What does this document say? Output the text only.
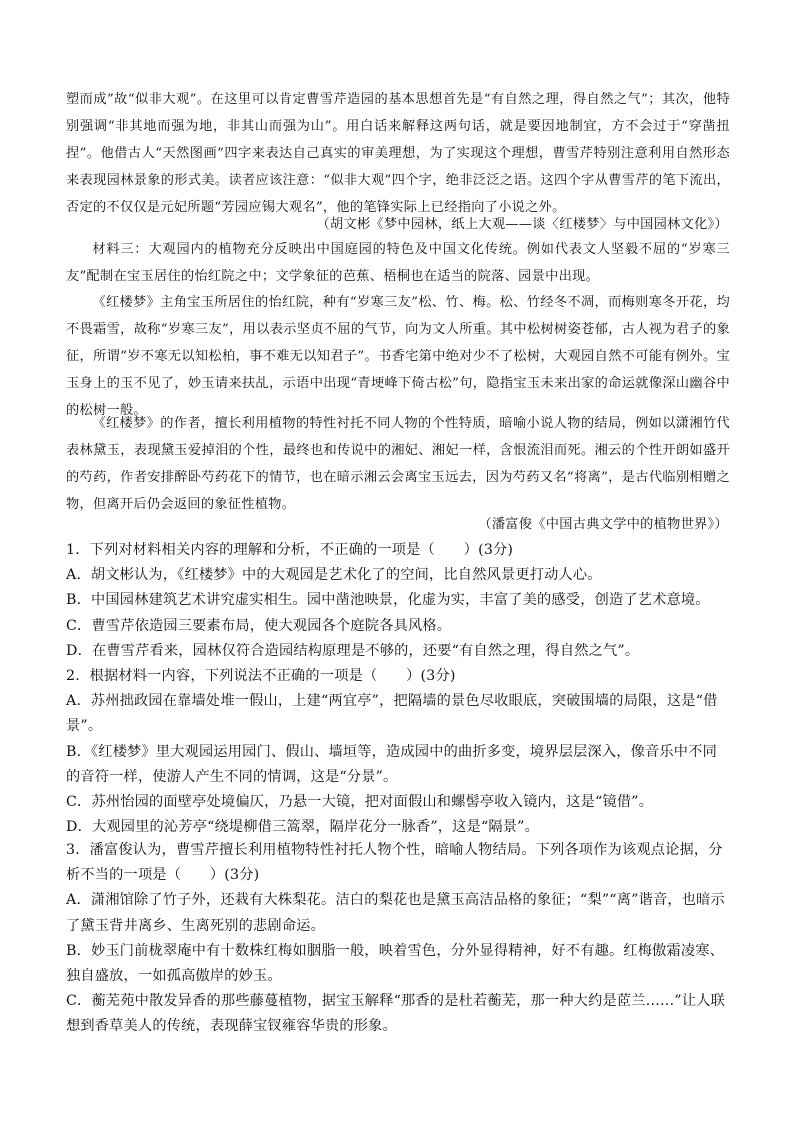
塑而成”故“似非大观”。在这里可以肯定曹雪芹造园的基本思想首先是“有自然之理，得自然之气”；其次，他特别强调“非其地而强为地，非其山而强为山”。用白话来解释这两句话，就是要因地制宜，方不会过于“穿凿扭捏”。他借古人“天然图画”四字来表达自己真实的审美理想，为了实现这个理想，曹雪芹特别注意利用自然形态来表现园林景象的形式美。读者应该注意：“似非大观”四个字，绝非泛泛之语。这四个字从曹雪芹的笔下流出，否定的不仅仅是元妃所题“芳园应锡大观名”，他的笔锋实际上已经指向了小说之外。

（胡文彬《梦中园林，纸上大观——谈〈红楼梦〉与中国园林文化》）

材料三：大观园内的植物充分反映出中国庭园的特色及中国文化传统。例如代表文人坚毅不屈的“岁寒三友”配制在宝玉居住的怡红院之中；文学象征的芭蕉、梧桐也在适当的院落、园景中出现。

《红楼梦》主角宝玉所居住的怡红院，种有“岁寒三友”松、竹、梅。松、竹经冬不凋，而梅则寒冬开花，均不畏霜雪，故称“岁寒三友”，用以表示坚贞不屈的气节，向为文人所重。其中松树树姿苍郁，古人视为君子的象征，所谓“岁不寒无以知松柏，事不难无以知君子”。书香宅第中绝对少不了松树，大观园自然不可能有例外。宝玉身上的玉不见了，妙玉请来扶乩，示语中出现“青埂峰下倚古松”句，隐指宝玉未来出家的命运就像深山幽谷中的松树一般。

《红楼梦》的作者，擅长利用植物的特性衬托不同人物的个性特质，暗喻小说人物的结局，例如以潇湘竹代表林黛玉，表现黛玉爱掉泪的个性，最终也和传说中的湘妃、湘妃一样，含恨流泪而死。湘云的个性开朗如盛开的芍药，作者安排醉卧芍药花下的情节，也在暗示湘云会离宝玉远去，因为芍药又名“将离”，是古代临别相赠之物，但离开后仍会返回的象征性植物。

（潘富俊《中国古典文学中的植物世界》）

1．下列对材料相关内容的理解和分析，不正确的一项是（　　）(3分)

A．胡文彬认为，《红楼梦》中的大观园是艺术化了的空间，比自然风景更打动人心。

B．中国园林建筑艺术讲究虚实相生。园中凿池映景，化虚为实，丰富了美的感受，创造了艺术意境。

C．曹雪芹依造园三要素布局，使大观园各个庭院各具风格。

D．在曹雪芹看来，园林仅符合造园结构原理是不够的，还要“有自然之理，得自然之气”。

2．根据材料一内容，下列说法不正确的一项是（　　）(3分)

A．苏州拙政园在靠墙处堆一假山，上建“两宜亭”，把隔墙的景色尽收眼底，突破围墙的局限，这是“借景”。

B．《红楼梦》里大观园运用园门、假山、墙垣等，造成园中的曲折多变，境界层层深入，像音乐中不同的音符一样，使游人产生不同的情调，这是“分景”。

C．苏州怡园的面壁亭处境偏仄，乃悬一大镜，把对面假山和螺髻亭收入镜内，这是“镜借”。

D．大观园里的沁芳亭“绕堤柳借三篙翠，隔岸花分一脉香”，这是“隔景”。

3．潘富俊认为，曹雪芹擅长利用植物特性衬托人物个性，暗喻人物结局。下列各项作为该观点论据，分析不当的一项是（　　）(3分)

A．潇湘馆除了竹子外，还栽有大株梨花。洁白的梨花也是黛玉高洁品格的象征；“梨”“离”谐音，也暗示了黛玉背井离乡、生离死别的悲剧命运。

B．妙玉门前栊翠庵中有十数株红梅如胭脂一般，映着雪色，分外显得精神，好不有趣。红梅傲霜凌寒、独自盛放，一如孤高傲岸的妙玉。

C．蘅芜苑中散发异香的那些藤蔓植物，据宝玉解释“那香的是杜若蘅芜，那一种大约是茝兰……”让人联想到香草美人的传统，表现薛宝钗雍容华贵的形象。
